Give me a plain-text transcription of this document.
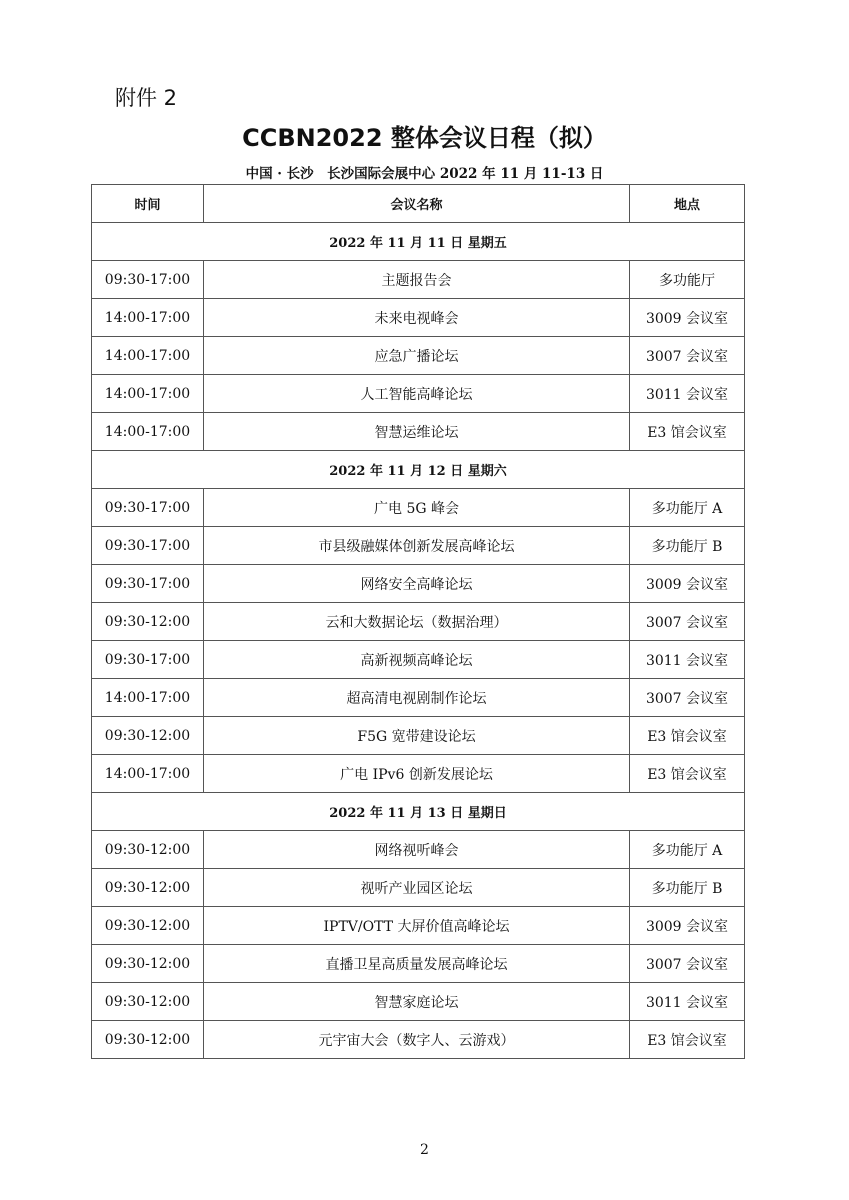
附件 2
CCBN2022 整体会议日程（拟）
中国 · 长沙　长沙国际会展中心 2022 年 11 月 11-13 日
时间	会议名称	地点
2022 年 11 月 11 日 星期五		
09:30-17:00	主题报告会	多功能厅
14:00-17:00	未来电视峰会	3009 会议室
14:00-17:00	应急广播论坛	3007 会议室
14:00-17:00	人工智能高峰论坛	3011 会议室
14:00-17:00	智慧运维论坛	E3 馆会议室
2022 年 11 月 12 日 星期六		
09:30-17:00	广电 5G 峰会	多功能厅 A
09:30-17:00	市县级融媒体创新发展高峰论坛	多功能厅 B
09:30-17:00	网络安全高峰论坛	3009 会议室
09:30-12:00	云和大数据论坛（数据治理）	3007 会议室
09:30-17:00	高新视频高峰论坛	3011 会议室
14:00-17:00	超高清电视剧制作论坛	3007 会议室
09:30-12:00	F5G 宽带建设论坛	E3 馆会议室
14:00-17:00	广电 IPv6 创新发展论坛	E3 馆会议室
2022 年 11 月 13 日 星期日		
09:30-12:00	网络视听峰会	多功能厅 A
09:30-12:00	视听产业园区论坛	多功能厅 B
09:30-12:00	IPTV/OTT 大屏价值高峰论坛	3009 会议室
09:30-12:00	直播卫星高质量发展高峰论坛	3007 会议室
09:30-12:00	智慧家庭论坛	3011 会议室
09:30-12:00	元宇宙大会（数字人、云游戏）	E3 馆会议室
2
